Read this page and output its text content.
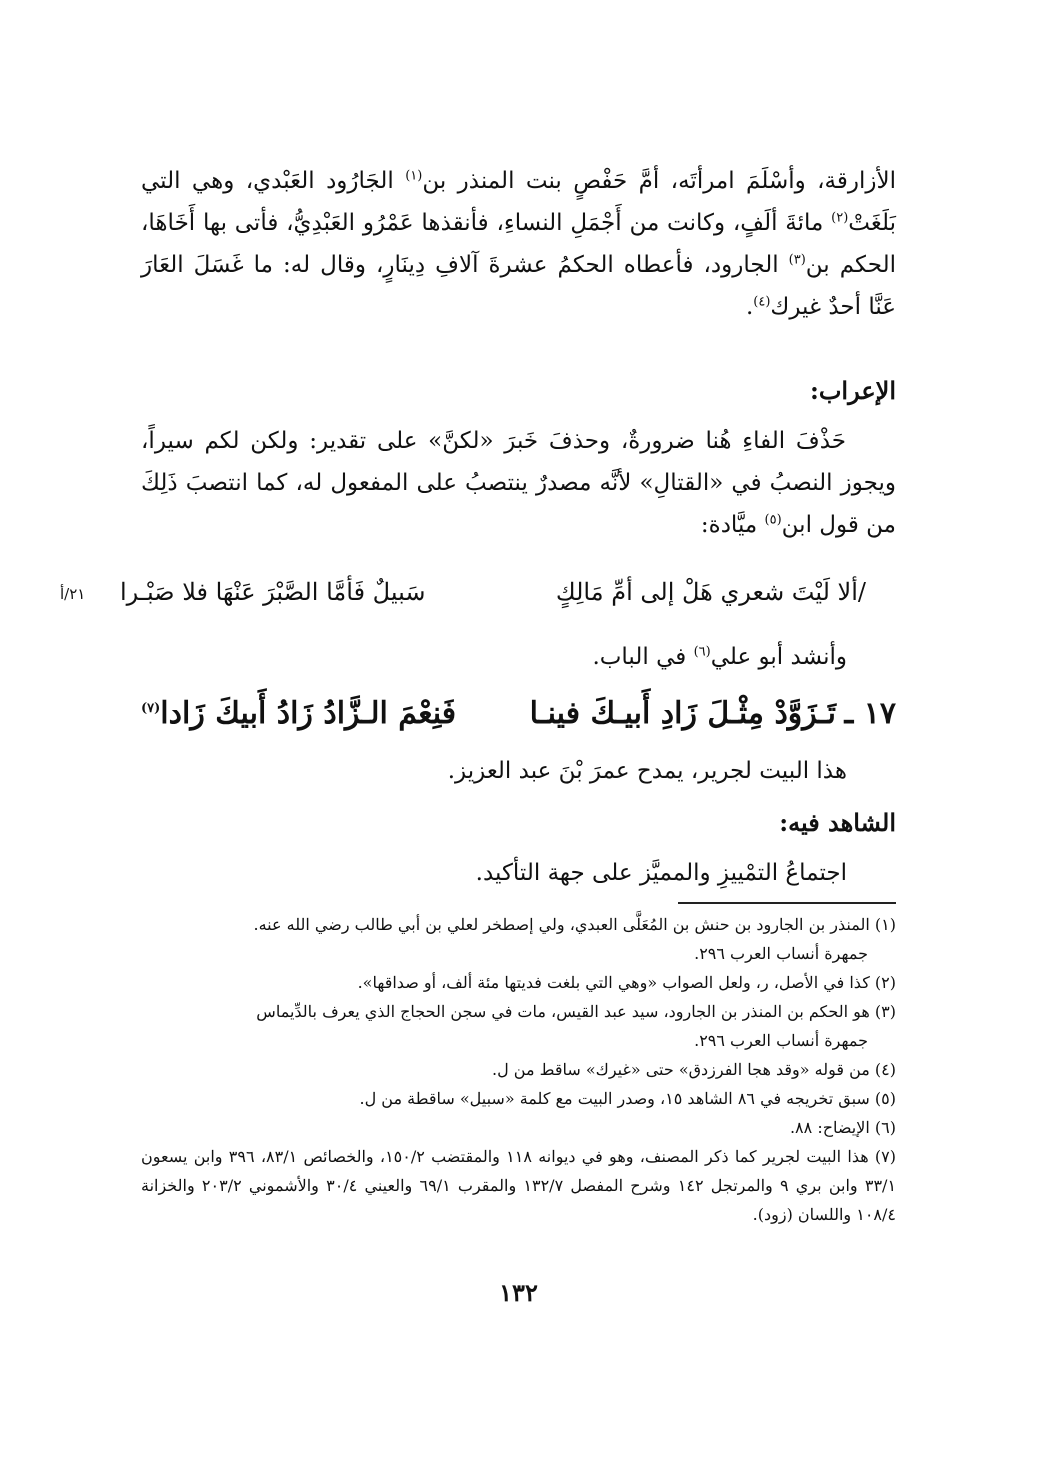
الأزارقة، وأسْلَمَ امرأتَه، أمَّ حَفْصٍ بنت المنذر بن$^{(١)}$ الجَارُود العَبْدي، وهي التي بَلَغَتْ$^{(٢)}$ مائةَ ألَفٍ، وكانت من أَجْمَلِ النساءِ، فأنقذها عَمْرُو العَبْدِيُّ، فأتى بها أَخَاهَا، الحكم بن$^{(٣)}$ الجارود، فأعطاه الحكمُ عشرةَ آلافِ دِينَارٍ، وقال له: ما غَسَلَ العَارَ عَنَّا أحدٌ غيرك$^{(٤)}$.

الإعراب:

حَذْفَ الفاءِ هُنا ضرورةٌ، وحذفَ خَبرَ «لكنَّ» على تقدير: ولكن لكم سيراً، ويجوز النصبُ في «القتالِ» لأنَّه مصدرٌ ينتصبُ على المفعول له، كما انتصبَ ذَلِكَ من قول ابن$^{(٥)}$ ميَّادة:

٢١/أ	/ألا لَيْتَ شعري هَلْ إلى أمِّ مَالِكٍ
سَبيلٌ فَأمَّا الصَّبْرَ عَنْهَا فلا صَبْـرا
وأنشد أبو علي$^{(٦)}$ في الباب.
١٧ ـ
تَـزَوَّدْ مِثْـلَ زَادِ أَبيـكَ فينـا
فَنِعْمَ الـزَّادُ زَادُ أَبيكَ زَادا$^{(٧)}$
هذا البيت لجرير، يمدح عمرَ بْنَ عبد العزيز.
الشاهد فيه:
اجتماعُ التمْييزِ والمميَّز على جهة التأكيد.

(١) المنذر بن الجارود بن حنش بن المُعَلَّى العبدي، ولي إصطخر لعلي بن أبي طالب رضي الله عنه.
جمهرة أنساب العرب ٢٩٦.

(٢) كذا في الأصل، ر، ولعل الصواب «وهي التي بلغت فديتها مئة ألف، أو صداقها».

(٣) هو الحكم بن المنذر بن الجارود، سيد عبد القيس، مات في سجن الحجاج الذي يعرف بالدِّيماس
جمهرة أنساب العرب ٢٩٦.

(٤) من قوله «وقد هجا الفرزدق» حتى «غيرك» ساقط من ل.

(٥) سبق تخريجه في ٨٦ الشاهد ١٥، وصدر البيت مع كلمة «سبيل» ساقطة من ل.

(٦) الإيضاح: ٨٨.

(٧) هذا البيت لجرير كما ذكر المصنف، وهو في ديوانه ١١٨ والمقتضب ١٥٠/٢، والخصائص ٨٣/١، ٣٩٦ وابن يسعون ٣٣/١ وابن بري ٩ والمرتجل ١٤٢ وشرح المفصل ١٣٢/٧ والمقرب ٦٩/١ والعيني ٣٠/٤ والأشموني ٢٠٣/٢ والخزانة ١٠٨/٤ واللسان (زود).

١٣٢
